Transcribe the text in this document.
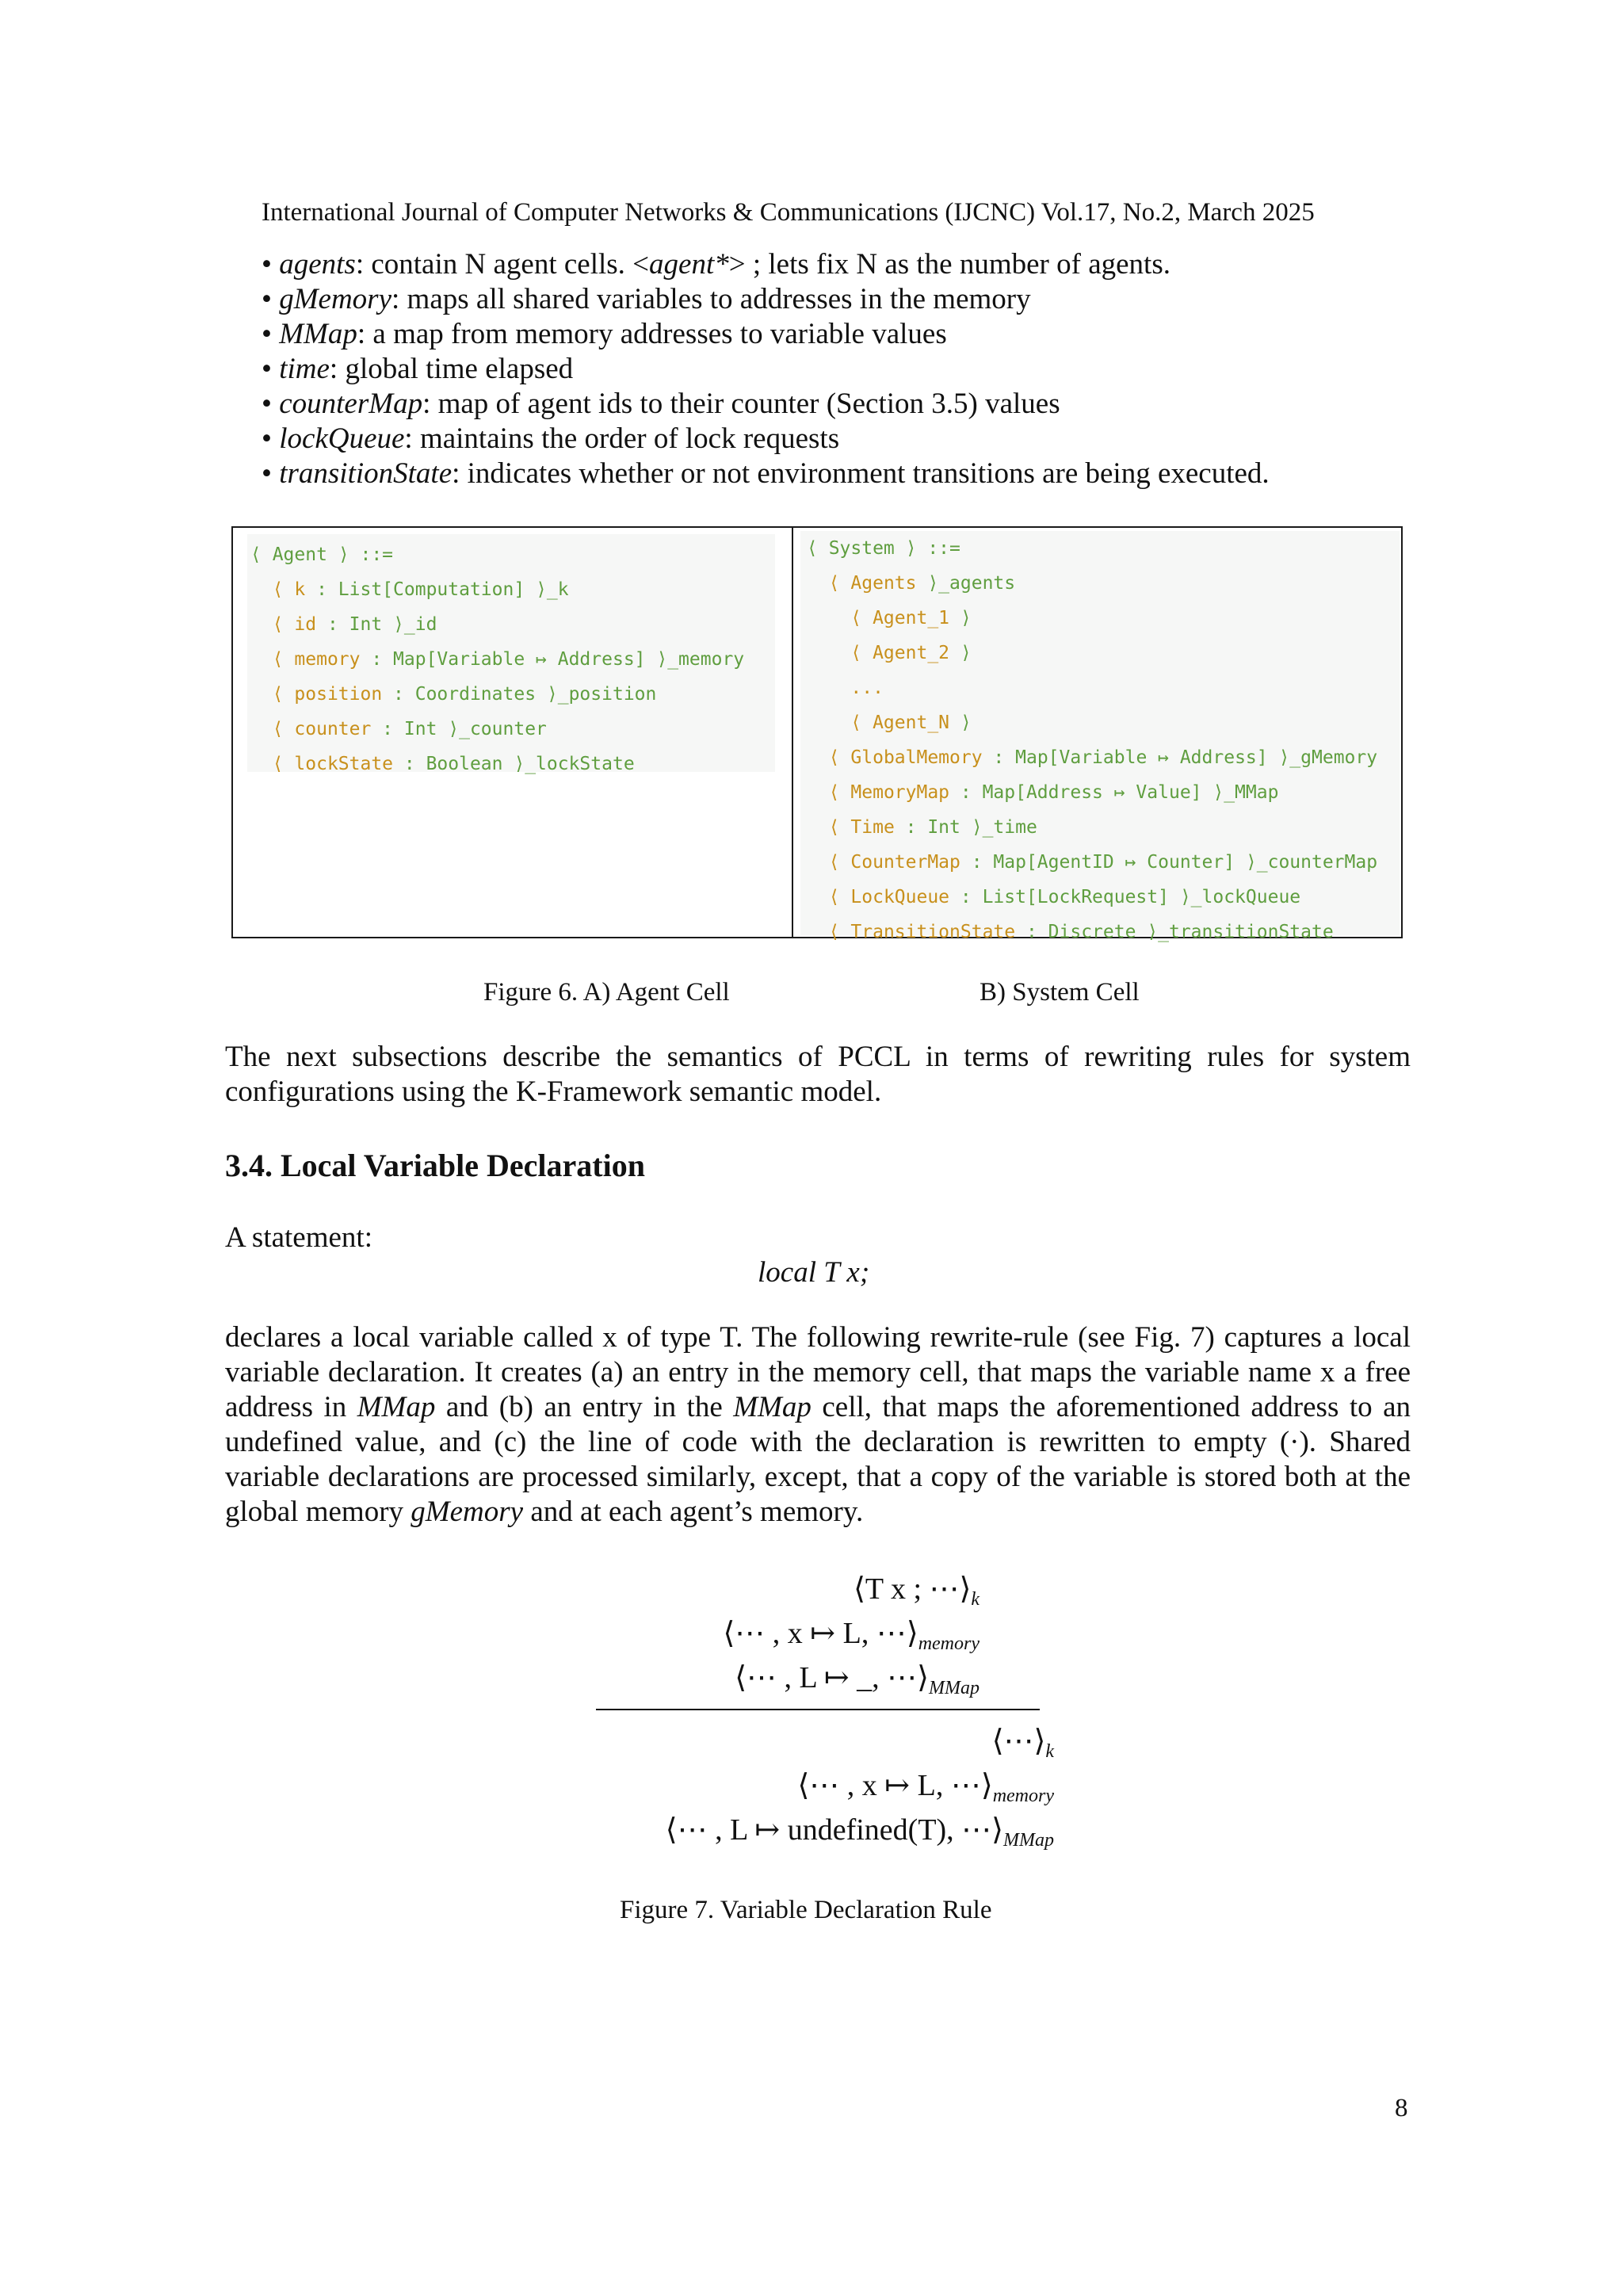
International Journal of Computer Networks & Communications (IJCNC) Vol.17, No.2, March 2025
• agents: contain N agent cells. <agent*> ; lets fix N as the number of agents.
• gMemory: maps all shared variables to addresses in the memory
• MMap: a map from memory addresses to variable values
• time: global time elapsed
• counterMap: map of agent ids to their counter (Section 3.5) values
• lockQueue: maintains the order of lock requests
• transitionState: indicates whether or not environment transitions are being executed.
⟨ Agent ⟩ ::=
⟨ k : List[Computation] ⟩_k
⟨ id : Int ⟩_id
⟨ memory : Map[Variable ↦ Address] ⟩_memory
⟨ position : Coordinates ⟩_position
⟨ counter : Int ⟩_counter
⟨ lockState : Boolean ⟩_lockState
⟨ System ⟩ ::=
⟨ Agents ⟩_agents
⟨ Agent_1 ⟩
⟨ Agent_2 ⟩
...
⟨ Agent_N ⟩
⟨ GlobalMemory : Map[Variable ↦ Address] ⟩_gMemory
⟨ MemoryMap : Map[Address ↦ Value] ⟩_MMap
⟨ Time : Int ⟩_time
⟨ CounterMap : Map[AgentID ↦ Counter] ⟩_counterMap
⟨ LockQueue : List[LockRequest] ⟩_lockQueue
⟨ TransitionState : Discrete ⟩_transitionState
Figure 6. A) Agent Cell	B) System Cell
The next subsections describe the semantics of PCCL in terms of rewriting rules for system configurations using the K-Framework semantic model.
3.4. Local Variable Declaration
A statement:
local T x;
declares a local variable called x of type T. The following rewrite-rule (see Fig. 7) captures a local variable declaration. It creates (a) an entry in the memory cell, that maps the variable name x a free address in MMap and (b) an entry in the MMap cell, that maps the aforementioned address to an undefined value, and (c) the line of code with the declaration is rewritten to empty (·). Shared variable declarations are processed similarly, except, that a copy of the variable is stored both at the global memory gMemory and at each agent’s memory.
⟨T x ; $\cdots⟩_k$
⟨⋯ , x ↦ L, $\cdots⟩_{memory}$
⟨⋯ , L ↦ _, $\cdots⟩_{MMap}$
$⟨\cdots⟩_k$
⟨⋯ , x ↦ L, $\cdots⟩_{memory}$
⟨⋯ , L ↦ undefined(T), $\cdots⟩_{MMap}$
Figure 7. Variable Declaration Rule
8
